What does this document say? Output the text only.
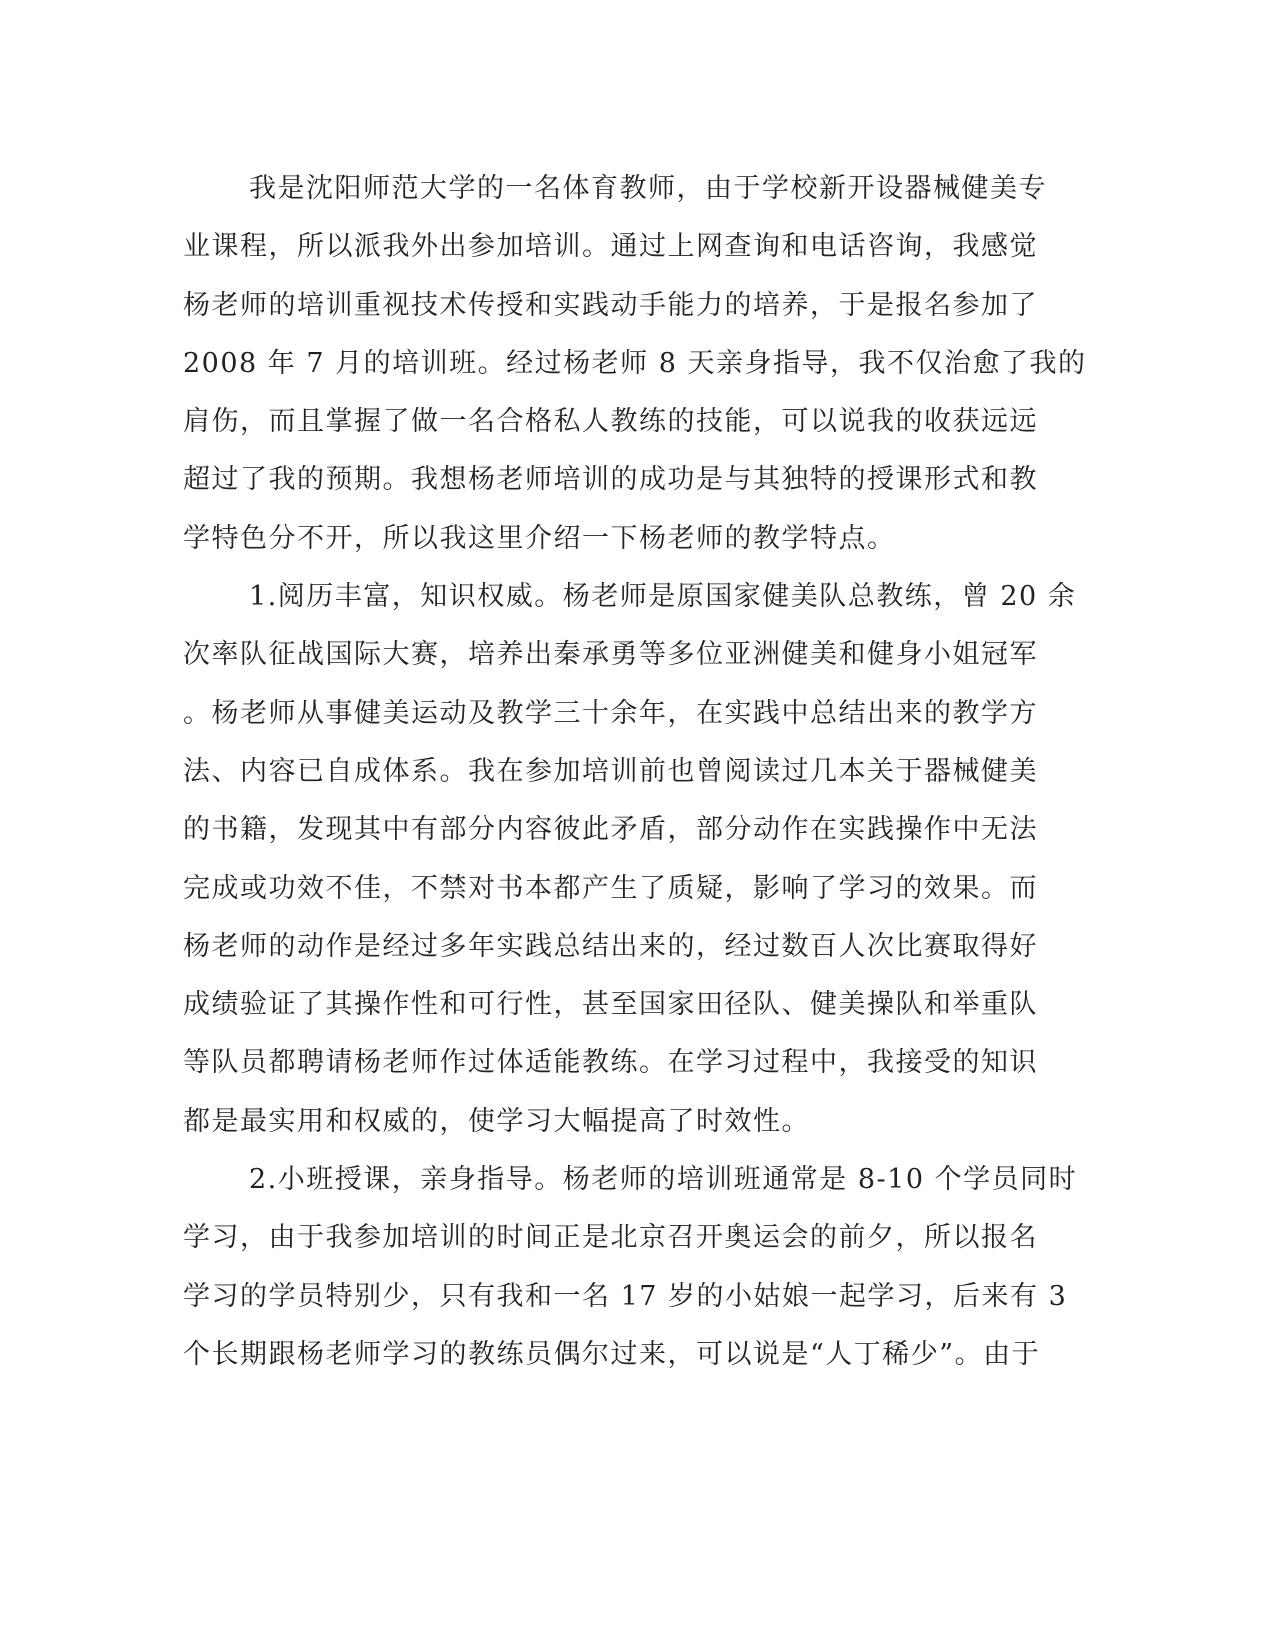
我是沈阳师范大学的一名体育教师，由于学校新开设器械健美专
业课程，所以派我外出参加培训。通过上网查询和电话咨询，我感觉
杨老师的培训重视技术传授和实践动手能力的培养，于是报名参加了
2008 年 7 月的培训班。经过杨老师 8 天亲身指导，我不仅治愈了我的
肩伤，而且掌握了做一名合格私人教练的技能，可以说我的收获远远
超过了我的预期。我想杨老师培训的成功是与其独特的授课形式和教
学特色分不开，所以我这里介绍一下杨老师的教学特点。
1.阅历丰富，知识权威。杨老师是原国家健美队总教练，曾 20 余
次率队征战国际大赛，培养出秦承勇等多位亚洲健美和健身小姐冠军
。杨老师从事健美运动及教学三十余年，在实践中总结出来的教学方
法、内容已自成体系。我在参加培训前也曾阅读过几本关于器械健美
的书籍，发现其中有部分内容彼此矛盾，部分动作在实践操作中无法
完成或功效不佳，不禁对书本都产生了质疑，影响了学习的效果。而
杨老师的动作是经过多年实践总结出来的，经过数百人次比赛取得好
成绩验证了其操作性和可行性，甚至国家田径队、健美操队和举重队
等队员都聘请杨老师作过体适能教练。在学习过程中，我接受的知识
都是最实用和权威的，使学习大幅提高了时效性。
2.小班授课，亲身指导。杨老师的培训班通常是 8-10 个学员同时
学习，由于我参加培训的时间正是北京召开奥运会的前夕，所以报名
学习的学员特别少，只有我和一名 17 岁的小姑娘一起学习，后来有 3
个长期跟杨老师学习的教练员偶尔过来，可以说是“人丁稀少”。由于
